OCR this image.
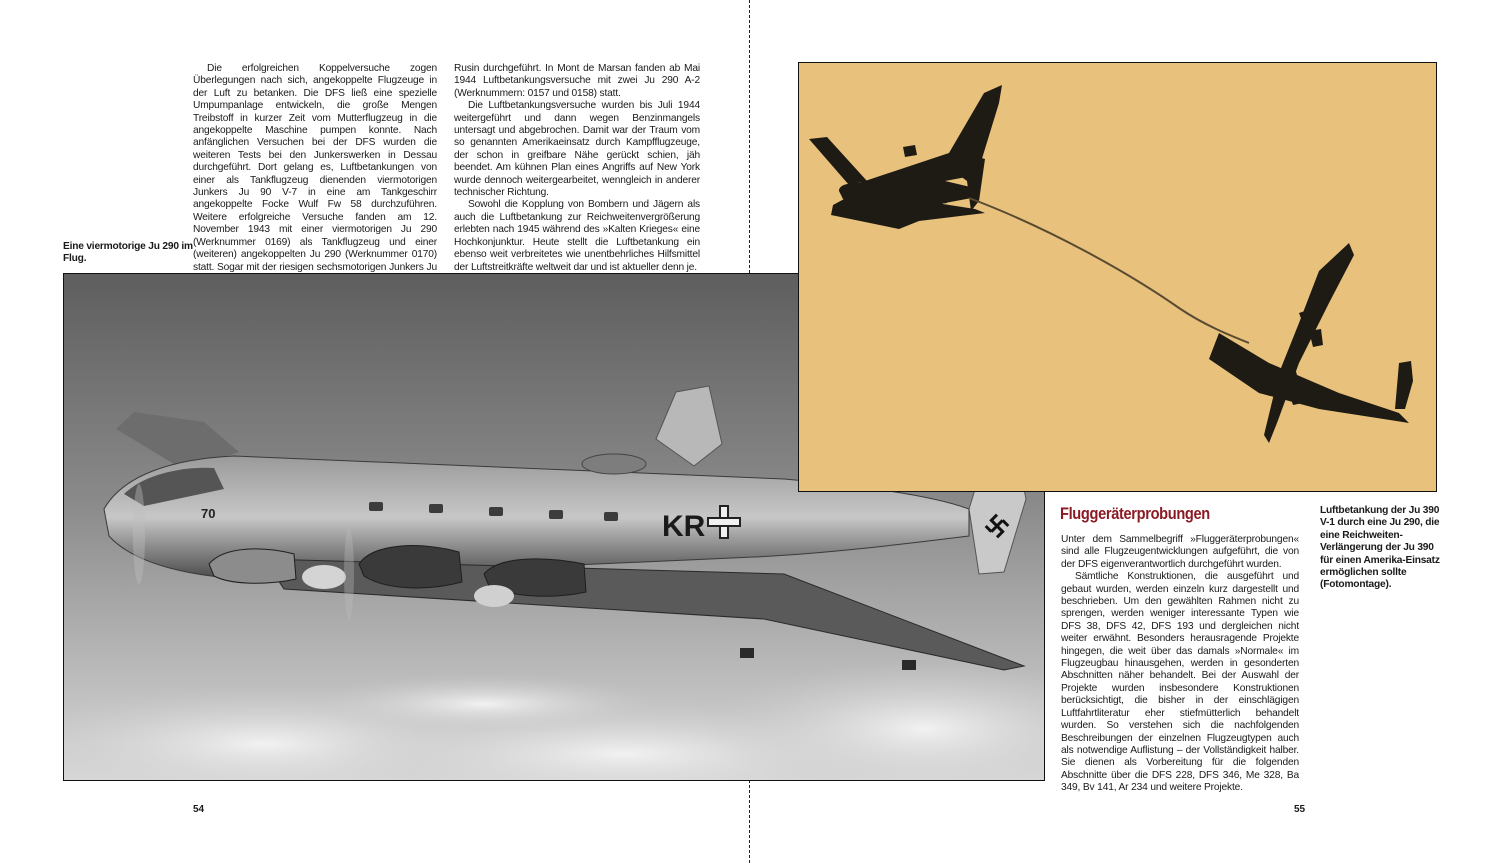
Die erfolgreichen Koppelversuche zogen Überlegungen nach sich, angekoppelte Flugzeuge in der Luft zu betanken. Die DFS ließ eine spezielle Umpumpanlage entwickeln, die große Mengen Treibstoff in kurzer Zeit vom Mutterflugzeug in die angekoppelte Maschine pumpen konnte. Nach anfänglichen Versuchen bei der DFS wurden die weiteren Tests bei den Junkerswerken in Dessau durchgeführt. Dort gelang es, Luftbetankungen von einer als Tankflugzeug dienenden viermotorigen Junkers Ju 90 V-7 in eine am Tankgeschirr angekoppelte Focke Wulf Fw 58 durchzuführen. Weitere erfolgreiche Versuche fanden am 12. November 1943 mit einer viermotorigen Ju 290 (Werknummer 0169) als Tankflugzeug und einer (weiteren) angekoppelten Ju 290 (Werknummer 0170) statt. Sogar mit der riesigen sechsmotorigen Junkers Ju

Rusin durchgeführt. In Mont de Marsan fanden ab Mai 1944 Luftbetankungsversuche mit zwei Ju 290 A-2 (Werknummern: 0157 und 0158) statt.

Die Luftbetankungsversuche wurden bis Juli 1944 weitergeführt und dann wegen Benzinmangels untersagt und abgebrochen. Damit war der Traum vom so genannten Amerikaeinsatz durch Kampfflugzeuge, der schon in greifbare Nähe gerückt schien, jäh beendet. Am kühnen Plan eines Angriffs auf New York wurde dennoch weitergearbeitet, wenngleich in anderer technischer Richtung.

Sowohl die Kopplung von Bombern und Jägern als auch die Luftbetankung zur Reichweitenvergrößerung erlebten nach 1945 während des »Kalten Krieges« eine Hochkonjunktur. Heute stellt die Luftbetankung ein ebenso weit verbreitetes wie unentbehrliches Hilfsmittel der Luftstreitkräfte weltweit dar und ist aktueller denn je.

Eine viermotorige Ju 290 im Flug.
70	KR	Fluggeräterprobungen

Unter dem Sammelbegriff »Fluggeräterprobungen« sind alle Flugzeugentwicklungen aufgeführt, die von der DFS eigenverantwortlich durchgeführt wurden.

Sämtliche Konstruktionen, die ausgeführt und gebaut wurden, werden einzeln kurz dargestellt und beschrieben. Um den gewählten Rahmen nicht zu sprengen, werden weniger interessante Typen wie DFS 38, DFS 42, DFS 193 und dergleichen nicht weiter erwähnt. Besonders herausragende Projekte hingegen, die weit über das damals »Normale« im Flugzeugbau hinausgehen, werden in gesonderten Abschnitten näher behandelt. Bei der Auswahl der Projekte wurden insbesondere Konstruktionen berücksichtigt, die bisher in der einschlägigen Luftfahrtliteratur eher stiefmütterlich behandelt wurden. So verstehen sich die nachfolgenden Beschreibungen der einzelnen Flugzeugtypen auch als notwendige Auflistung – der Vollständigkeit halber. Sie dienen als Vorbereitung für die folgenden Abschnitte über die DFS 228, DFS 346, Me 328, Ba 349, Bv 141, Ar 234 und weitere Projekte.

Luftbetankung der Ju 390 V-1 durch eine Ju 290, die eine Reichweiten-Verlängerung der Ju 390 für einen Amerika-Einsatz ermöglichen sollte (Fotomontage).
54	55
